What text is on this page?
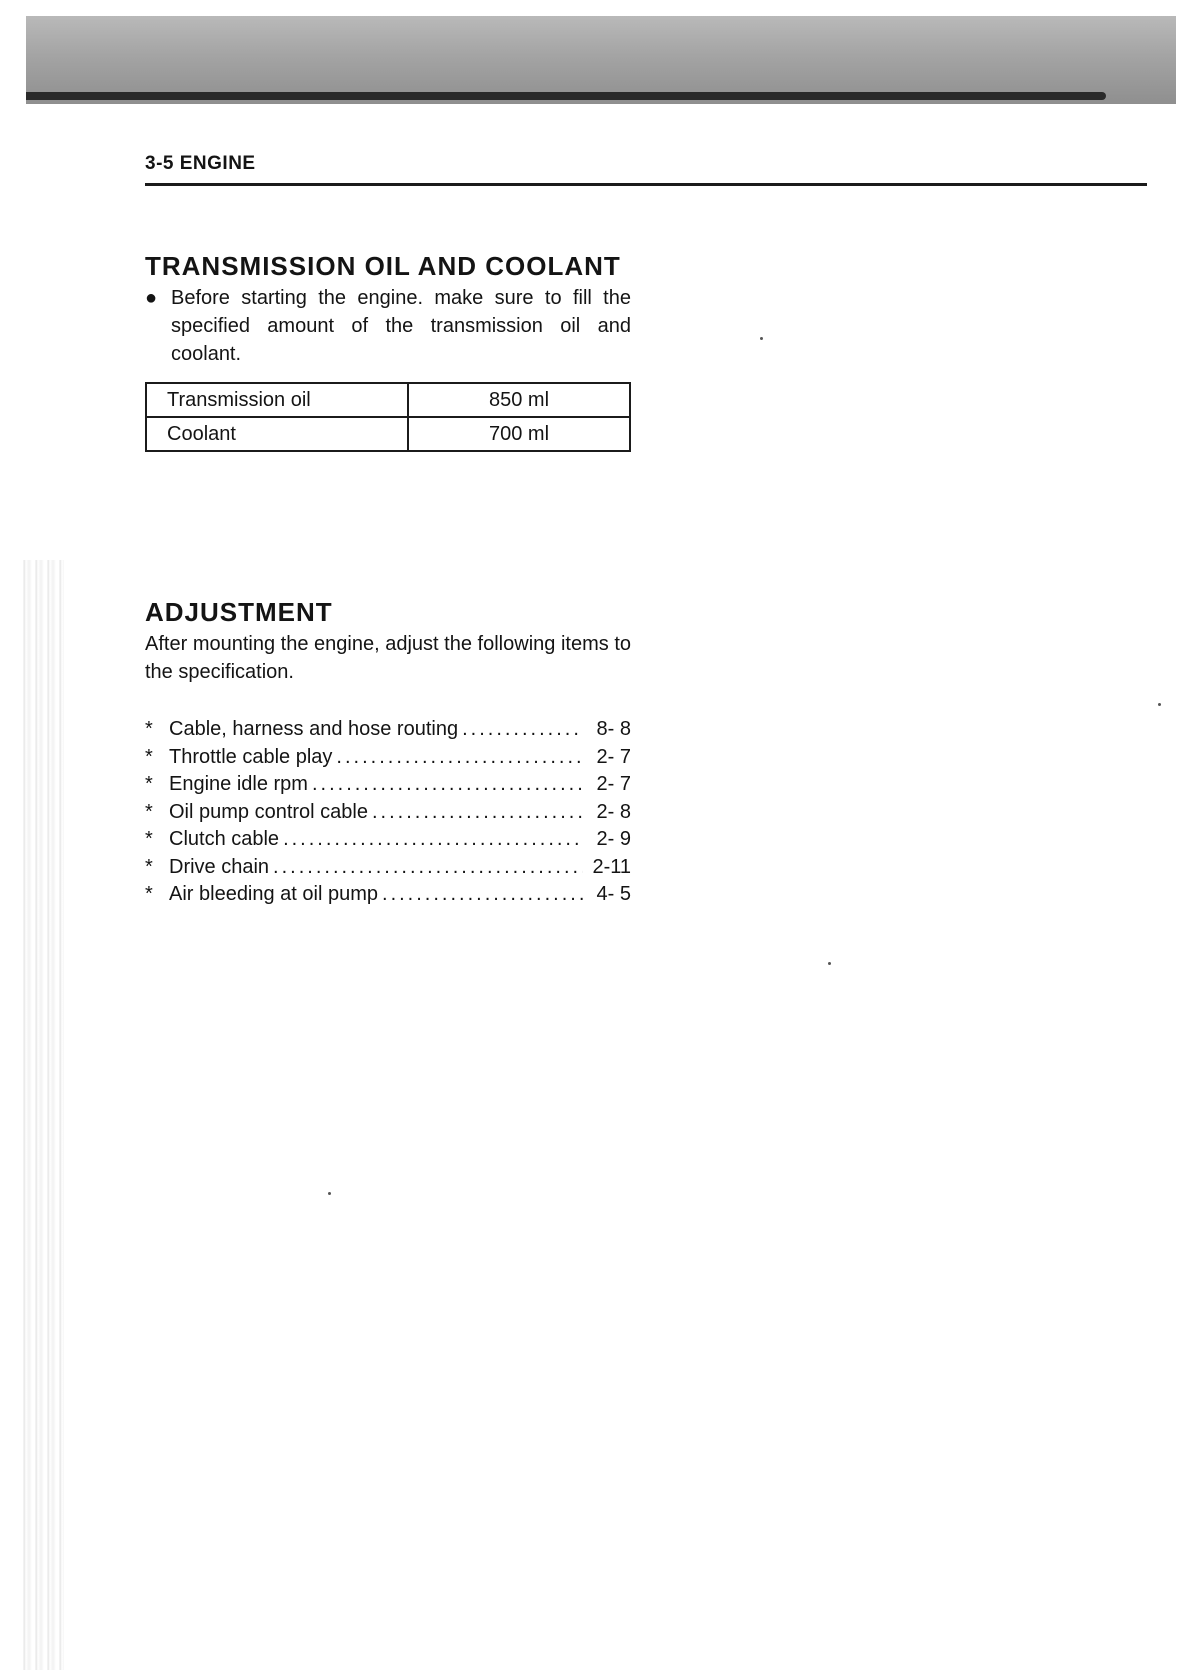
3-5 ENGINE
TRANSMISSION OIL AND COOLANT
● Before starting the engine. make sure to fill the specified amount of the transmission oil and coolant.

Transmission oil	850 ml
Coolant	700 ml
ADJUSTMENT

After mounting the engine, adjust the following items to the specification.

* Cable, harness and hose routing .....	8- 8
* Throttle cable play .....	2- 7
* Engine idle rpm .....	2- 7
* Oil pump control cable .....	2- 8
* Clutch cable .....	2- 9
* Drive chain .....	2-11
* Air bleeding at oil pump .....	4- 5
